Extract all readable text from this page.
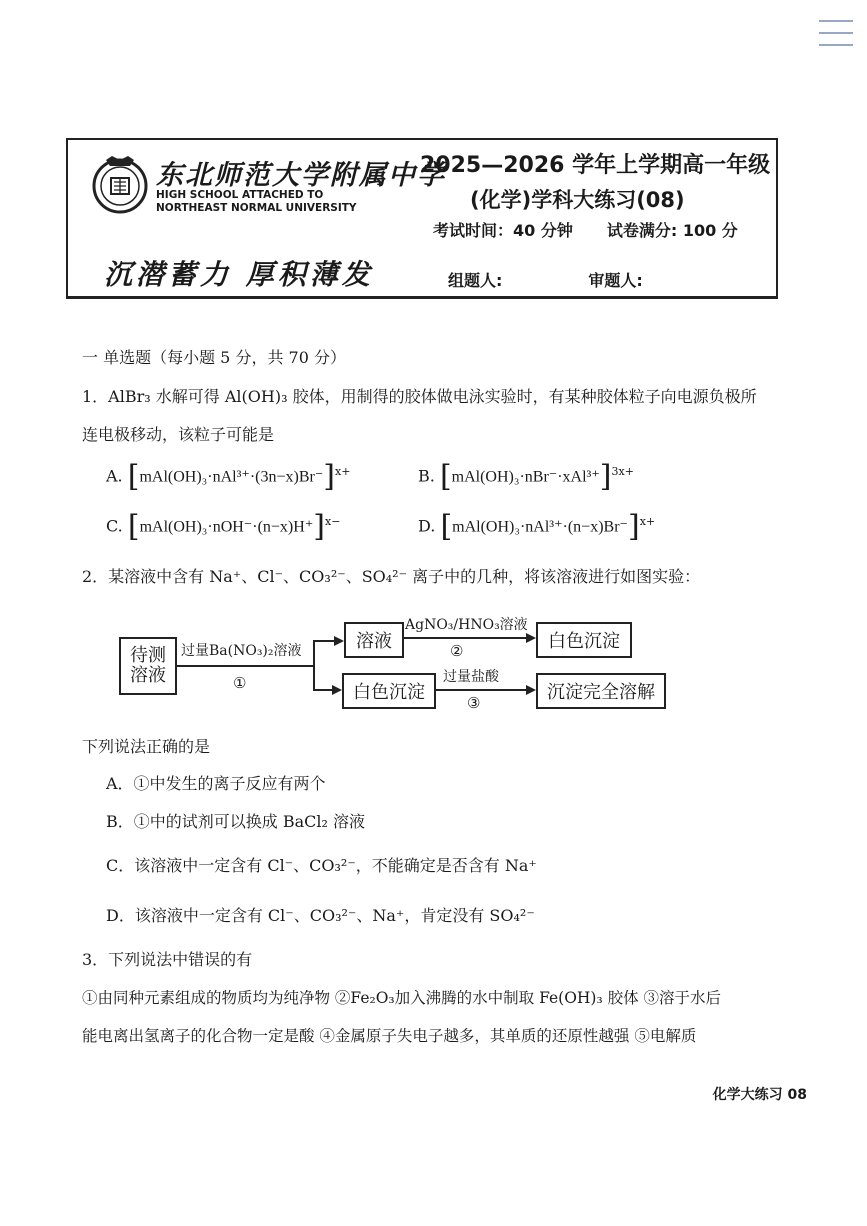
东北师范大学附属中学
HIGH SCHOOL ATTACHED TO
NORTHEAST NORMAL UNIVERSITY
2025—2026 学年上学期高一年级
(化学)学科大练习(08)
考试时间：40 分钟 试卷满分: 100 分
沉潜蓄力 厚积薄发	组题人:	审题人:
一 单选题（每小题 5 分，共 70 分）
1．AlBr₃ 水解可得 Al(OH)₃ 胶体，用制得的胶体做电泳实验时，有某种胶体粒子向电源负极所
连电极移动，该粒子可能是
A. $[mAl(OH)_3\cdot nAl^{3+}\cdot(3n-x)Br^-]^{x+}$	B. $[mAl(OH)_3\cdot nBr^-\cdot xAl^{3+}]^{3x+}$
C. $[mAl(OH)_3\cdot nOH^-\cdot(n-x)H^+]^{x-}$	D. $[mAl(OH)_3\cdot nAl^{3+}\cdot(n-x)Br^-]^{x+}$
2．某溶液中含有 Na⁺、Cl⁻、CO₃²⁻、SO₄²⁻ 离子中的几种，将该溶液进行如图实验：
待测溶液
过量Ba(NO₃)₂溶液
①
溶液
AgNO₃/HNO₃溶液
②	白色沉淀
白色沉淀
过量盐酸
③	沉淀完全溶解
下列说法正确的是
A．①中发生的离子反应有两个
B．①中的试剂可以换成 BaCl₂ 溶液
C．该溶液中一定含有 Cl⁻、CO₃²⁻，不能确定是否含有 Na⁺
D．该溶液中一定含有 Cl⁻、CO₃²⁻、Na⁺，肯定没有 SO₄²⁻
3．下列说法中错误的有
①由同种元素组成的物质均为纯净物 ②Fe₂O₃加入沸腾的水中制取 Fe(OH)₃ 胶体 ③溶于水后
能电离出氢离子的化合物一定是酸 ④金属原子失电子越多，其单质的还原性越强 ⑤电解质
化学大练习 08
